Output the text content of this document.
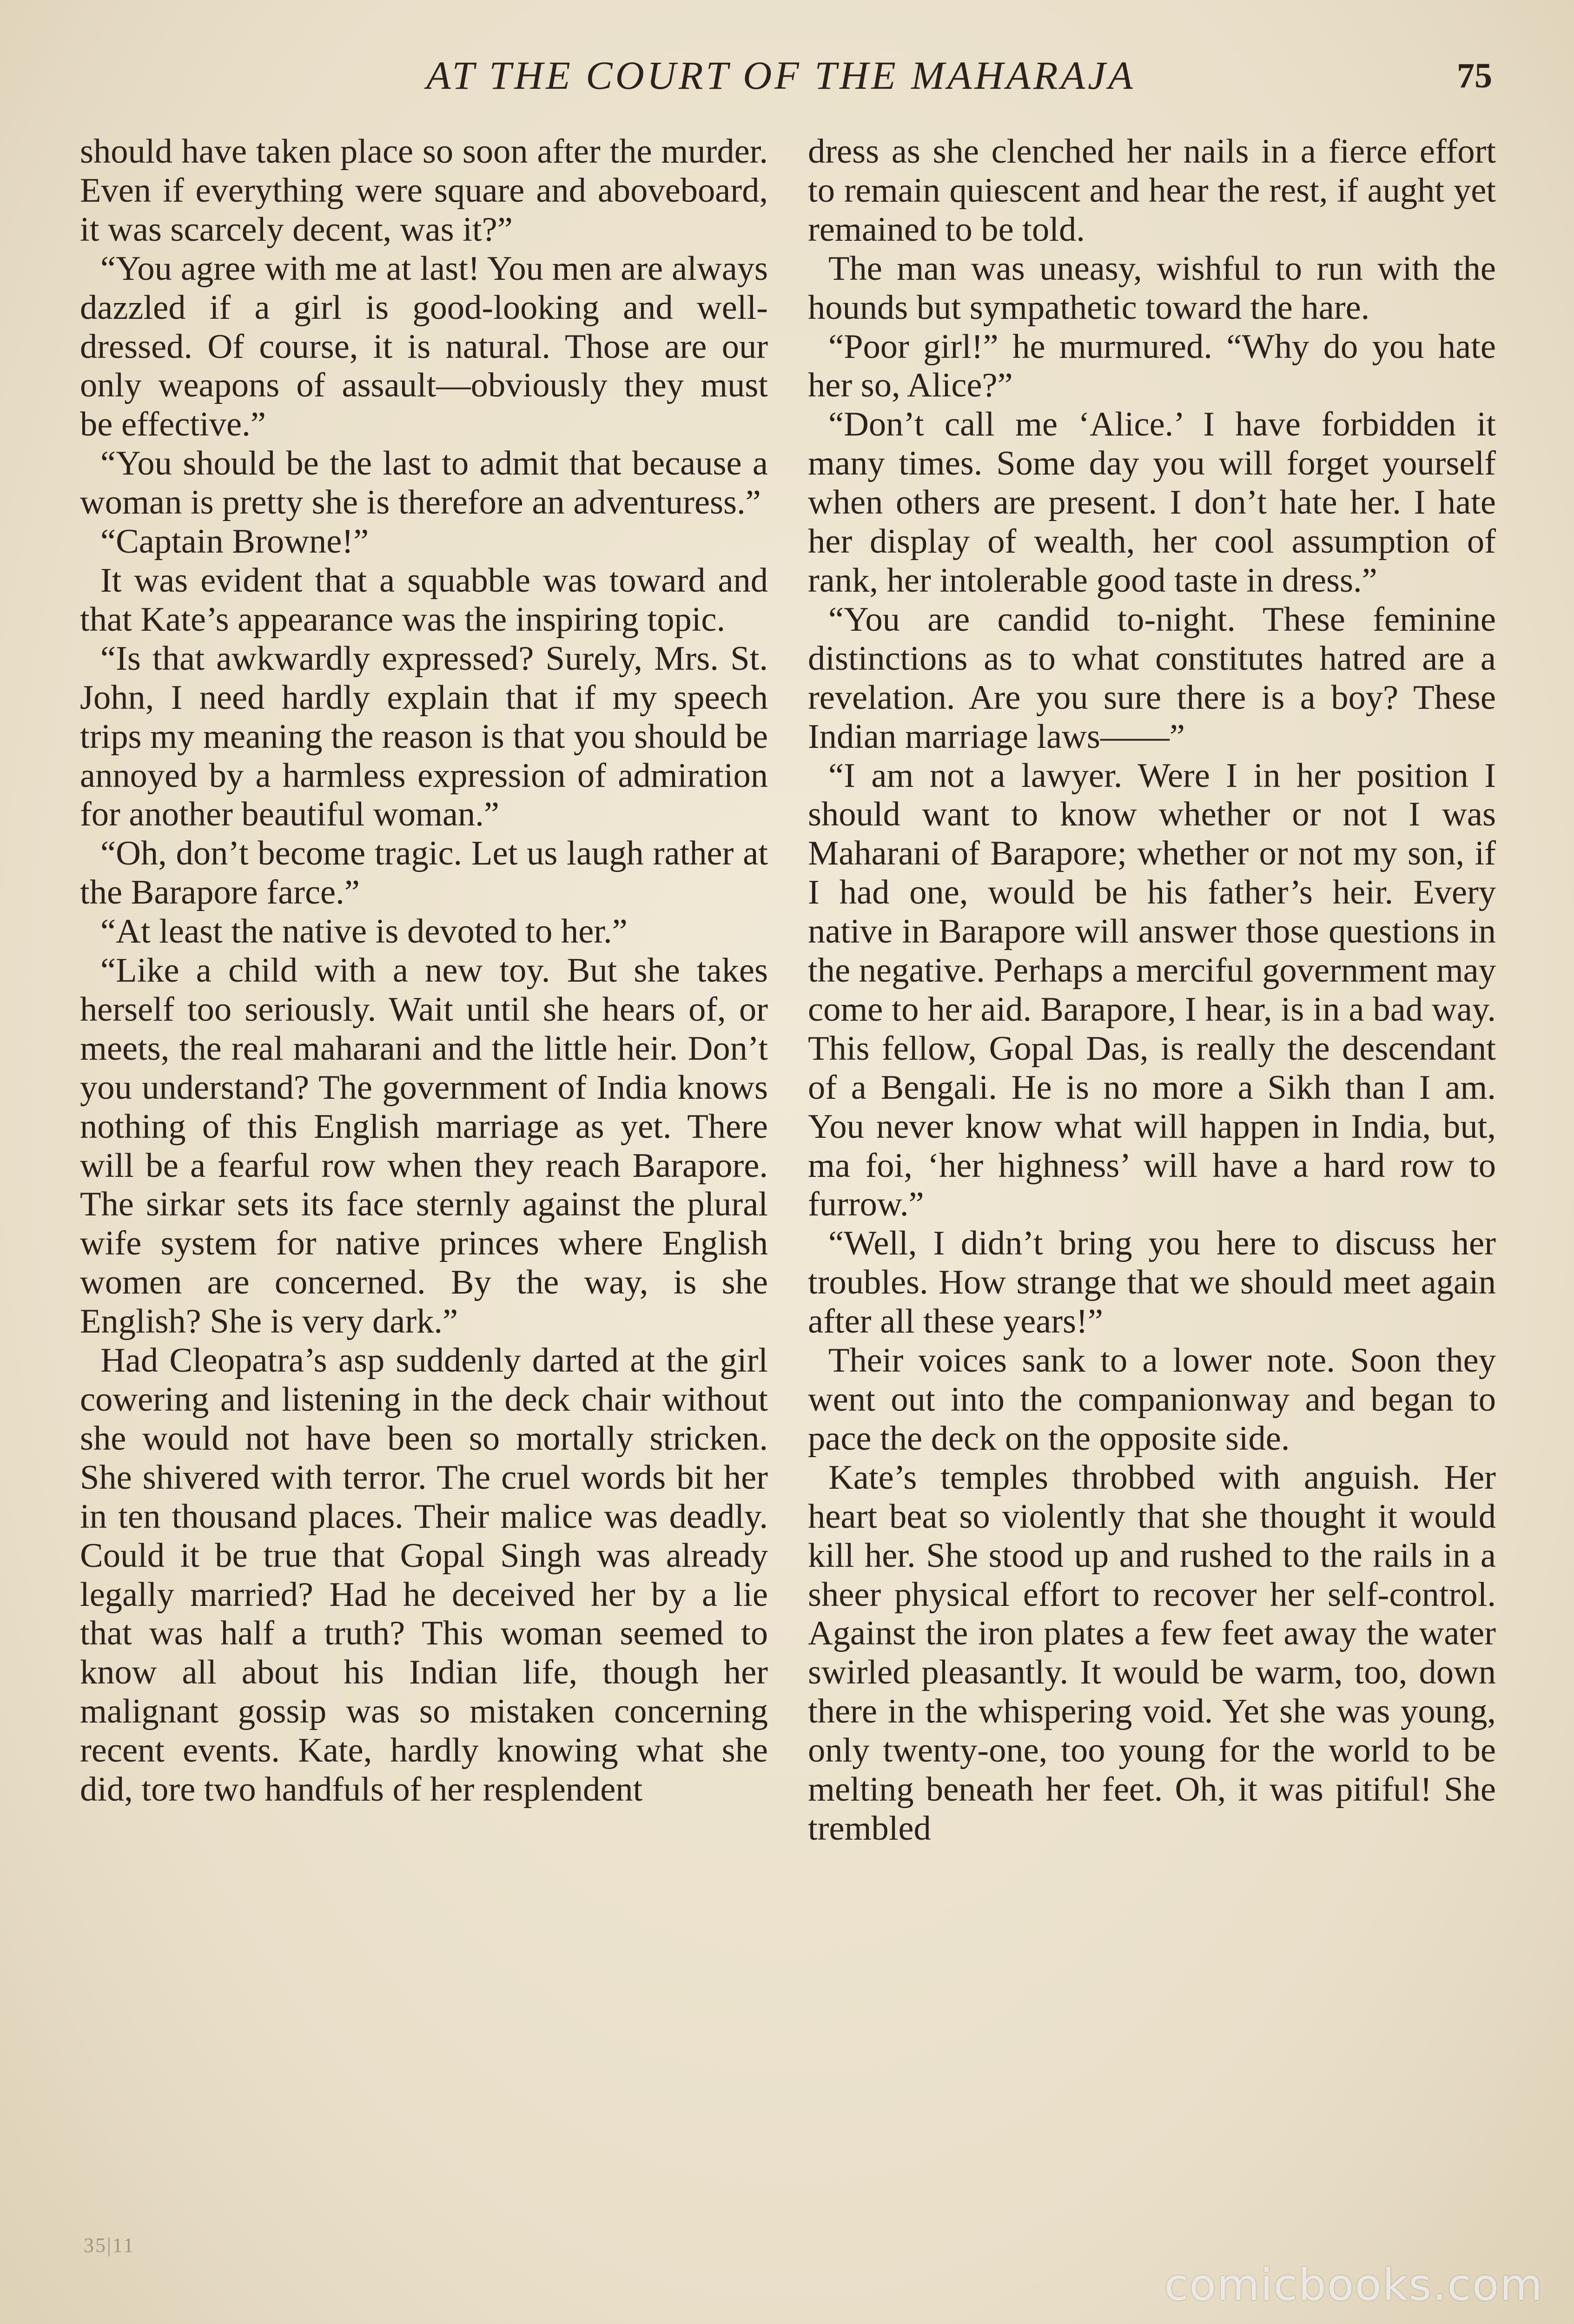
AT THE COURT OF THE MAHARAJA	75

should have taken place so soon after the murder. Even if everything were square and aboveboard, it was scarcely decent, was it?”

“You agree with me at last! You men are always dazzled if a girl is good-looking and well-dressed. Of course, it is natural. Those are our only weapons of assault—obviously they must be effective.”

“You should be the last to admit that because a woman is pretty she is therefore an adventuress.”

“Captain Browne!”

It was evident that a squabble was toward and that Kate’s appearance was the inspiring topic.

“Is that awkwardly expressed? Surely, Mrs. St. John, I need hardly explain that if my speech trips my meaning the reason is that you should be annoyed by a harmless expression of admiration for another beautiful woman.”

“Oh, don’t become tragic. Let us laugh rather at the Barapore farce.”

“At least the native is devoted to her.”

“Like a child with a new toy. But she takes herself too seriously. Wait until she hears of, or meets, the real maharani and the little heir. Don’t you understand? The government of India knows nothing of this English marriage as yet. There will be a fearful row when they reach Barapore. The sirkar sets its face sternly against the plural wife system for native princes where English women are concerned. By the way, is she English? She is very dark.”

Had Cleopatra’s asp suddenly darted at the girl cowering and listening in the deck chair without she would not have been so mortally stricken. She shivered with terror. The cruel words bit her in ten thousand places. Their malice was deadly. Could it be true that Gopal Singh was already legally married? Had he deceived her by a lie that was half a truth? This woman seemed to know all about his Indian life, though her malignant gossip was so mistaken concerning recent events. Kate, hardly knowing what she did, tore two handfuls of her resplendent

dress as she clenched her nails in a fierce effort to remain quiescent and hear the rest, if aught yet remained to be told.

The man was uneasy, wishful to run with the hounds but sympathetic toward the hare.

“Poor girl!” he murmured. “Why do you hate her so, Alice?”

“Don’t call me ‘Alice.’ I have forbidden it many times. Some day you will forget yourself when others are present. I don’t hate her. I hate her display of wealth, her cool assumption of rank, her intolerable good taste in dress.”

“You are candid to-night. These feminine distinctions as to what constitutes hatred are a revelation. Are you sure there is a boy? These Indian marriage laws——”

“I am not a lawyer. Were I in her position I should want to know whether or not I was Maharani of Barapore; whether or not my son, if I had one, would be his father’s heir. Every native in Barapore will answer those questions in the negative. Perhaps a merciful government may come to her aid. Barapore, I hear, is in a bad way. This fellow, Gopal Das, is really the descendant of a Bengali. He is no more a Sikh than I am. You never know what will happen in India, but, ma foi, ‘her highness’ will have a hard row to furrow.”

“Well, I didn’t bring you here to discuss her troubles. How strange that we should meet again after all these years!”

Their voices sank to a lower note. Soon they went out into the companionway and began to pace the deck on the opposite side.

Kate’s temples throbbed with anguish. Her heart beat so violently that she thought it would kill her. She stood up and rushed to the rails in a sheer physical effort to recover her self-control. Against the iron plates a few feet away the water swirled pleasantly. It would be warm, too, down there in the whispering void. Yet she was young, only twenty-one, too young for the world to be melting beneath her feet. Oh, it was pitiful! She trembled

35|11
comicbooks.com
